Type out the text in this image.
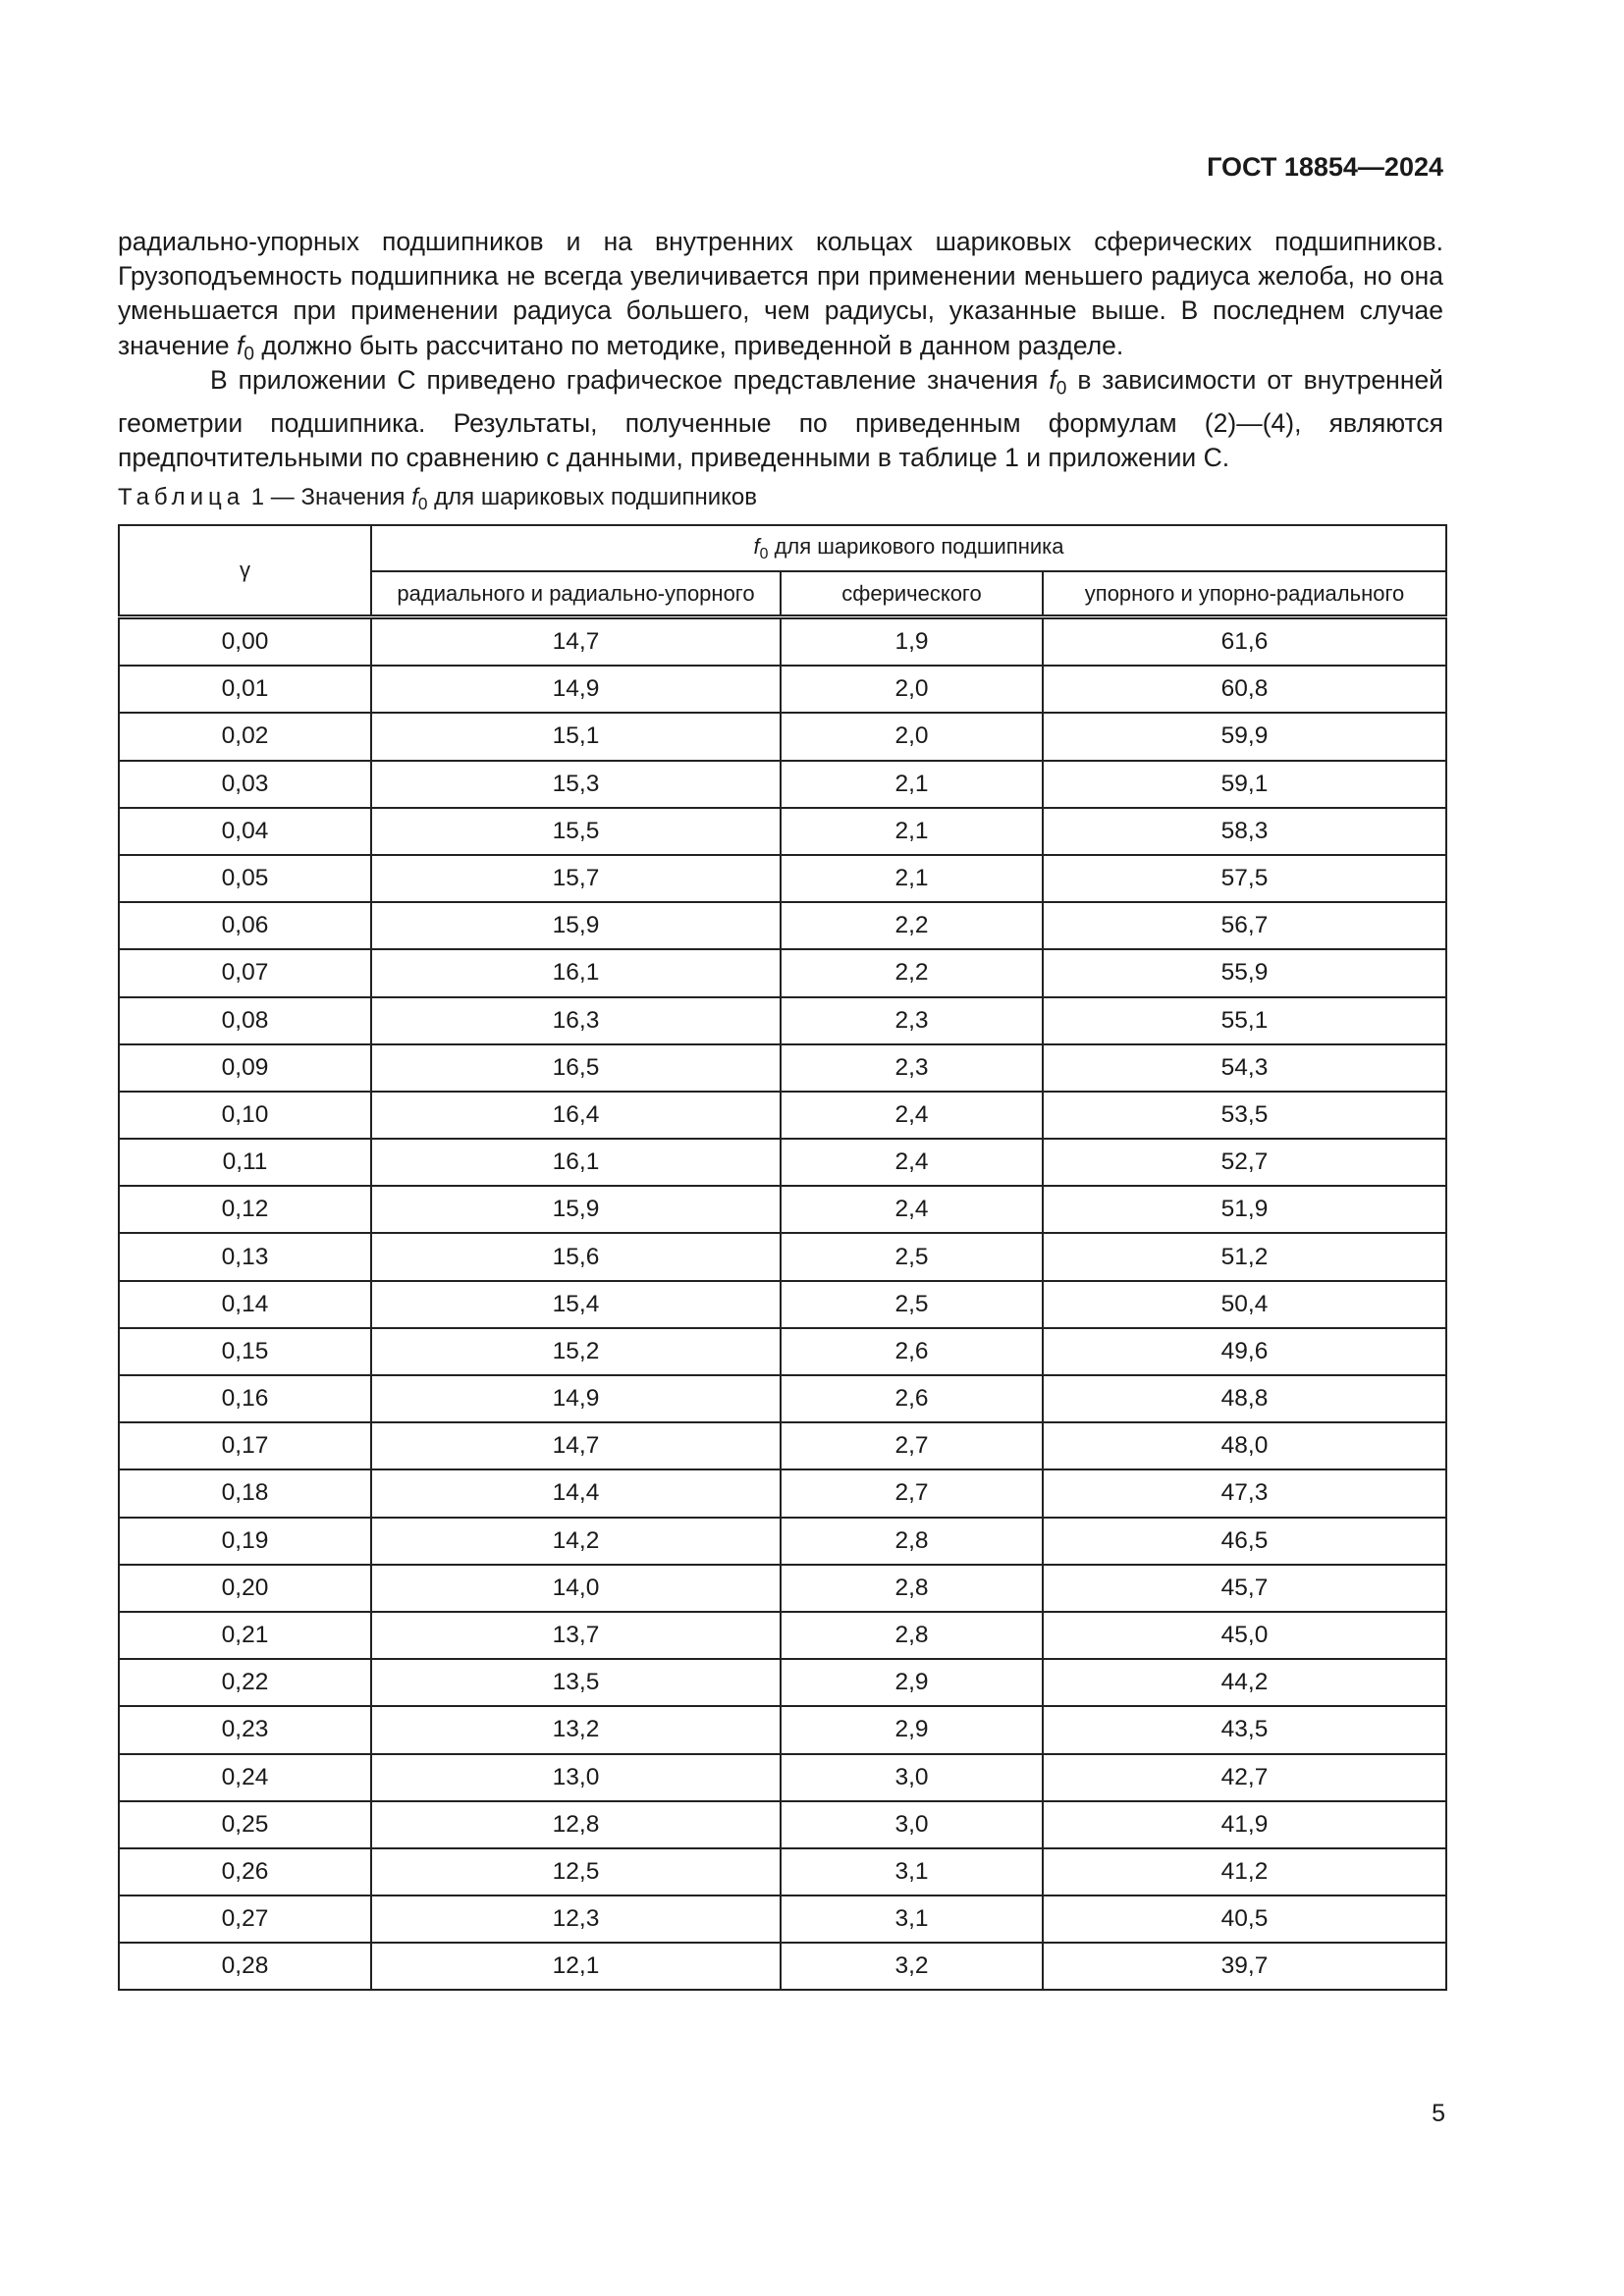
ГОСТ 18854—2024

радиально-упорных подшипников и на внутренних кольцах шариковых сферических подшипников. Грузоподъемность подшипника не всегда увеличивается при применении меньшего радиуса желоба, но она уменьшается при применении радиуса большего, чем радиусы, указанные выше. В последнем случае значение $f_0$ должно быть рассчитано по методике, приведенной в данном разделе.

В приложении С приведено графическое представление значения $f_0$ в зависимости от внутренней геометрии подшипника. Результаты, полученные по приведенным формулам (2)—(4), являются предпочтительными по сравнению с данными, приведенными в таблице 1 и приложении С.

Таблица 1 — Значения $f_0$ для шариковых подшипников
γ	$f_0$ для шарикового подшипника		
	радиального и радиально-упорного	сферического	упорного и упорно-радиального
0,00	14,7	1,9	61,6
0,01	14,9	2,0	60,8
0,02	15,1	2,0	59,9
0,03	15,3	2,1	59,1
0,04	15,5	2,1	58,3
0,05	15,7	2,1	57,5
0,06	15,9	2,2	56,7
0,07	16,1	2,2	55,9
0,08	16,3	2,3	55,1
0,09	16,5	2,3	54,3
0,10	16,4	2,4	53,5
0,11	16,1	2,4	52,7
0,12	15,9	2,4	51,9
0,13	15,6	2,5	51,2
0,14	15,4	2,5	50,4
0,15	15,2	2,6	49,6
0,16	14,9	2,6	48,8
0,17	14,7	2,7	48,0
0,18	14,4	2,7	47,3
0,19	14,2	2,8	46,5
0,20	14,0	2,8	45,7
0,21	13,7	2,8	45,0
0,22	13,5	2,9	44,2
0,23	13,2	2,9	43,5
0,24	13,0	3,0	42,7
0,25	12,8	3,0	41,9
0,26	12,5	3,1	41,2
0,27	12,3	3,1	40,5
0,28	12,1	3,2	39,7
5
